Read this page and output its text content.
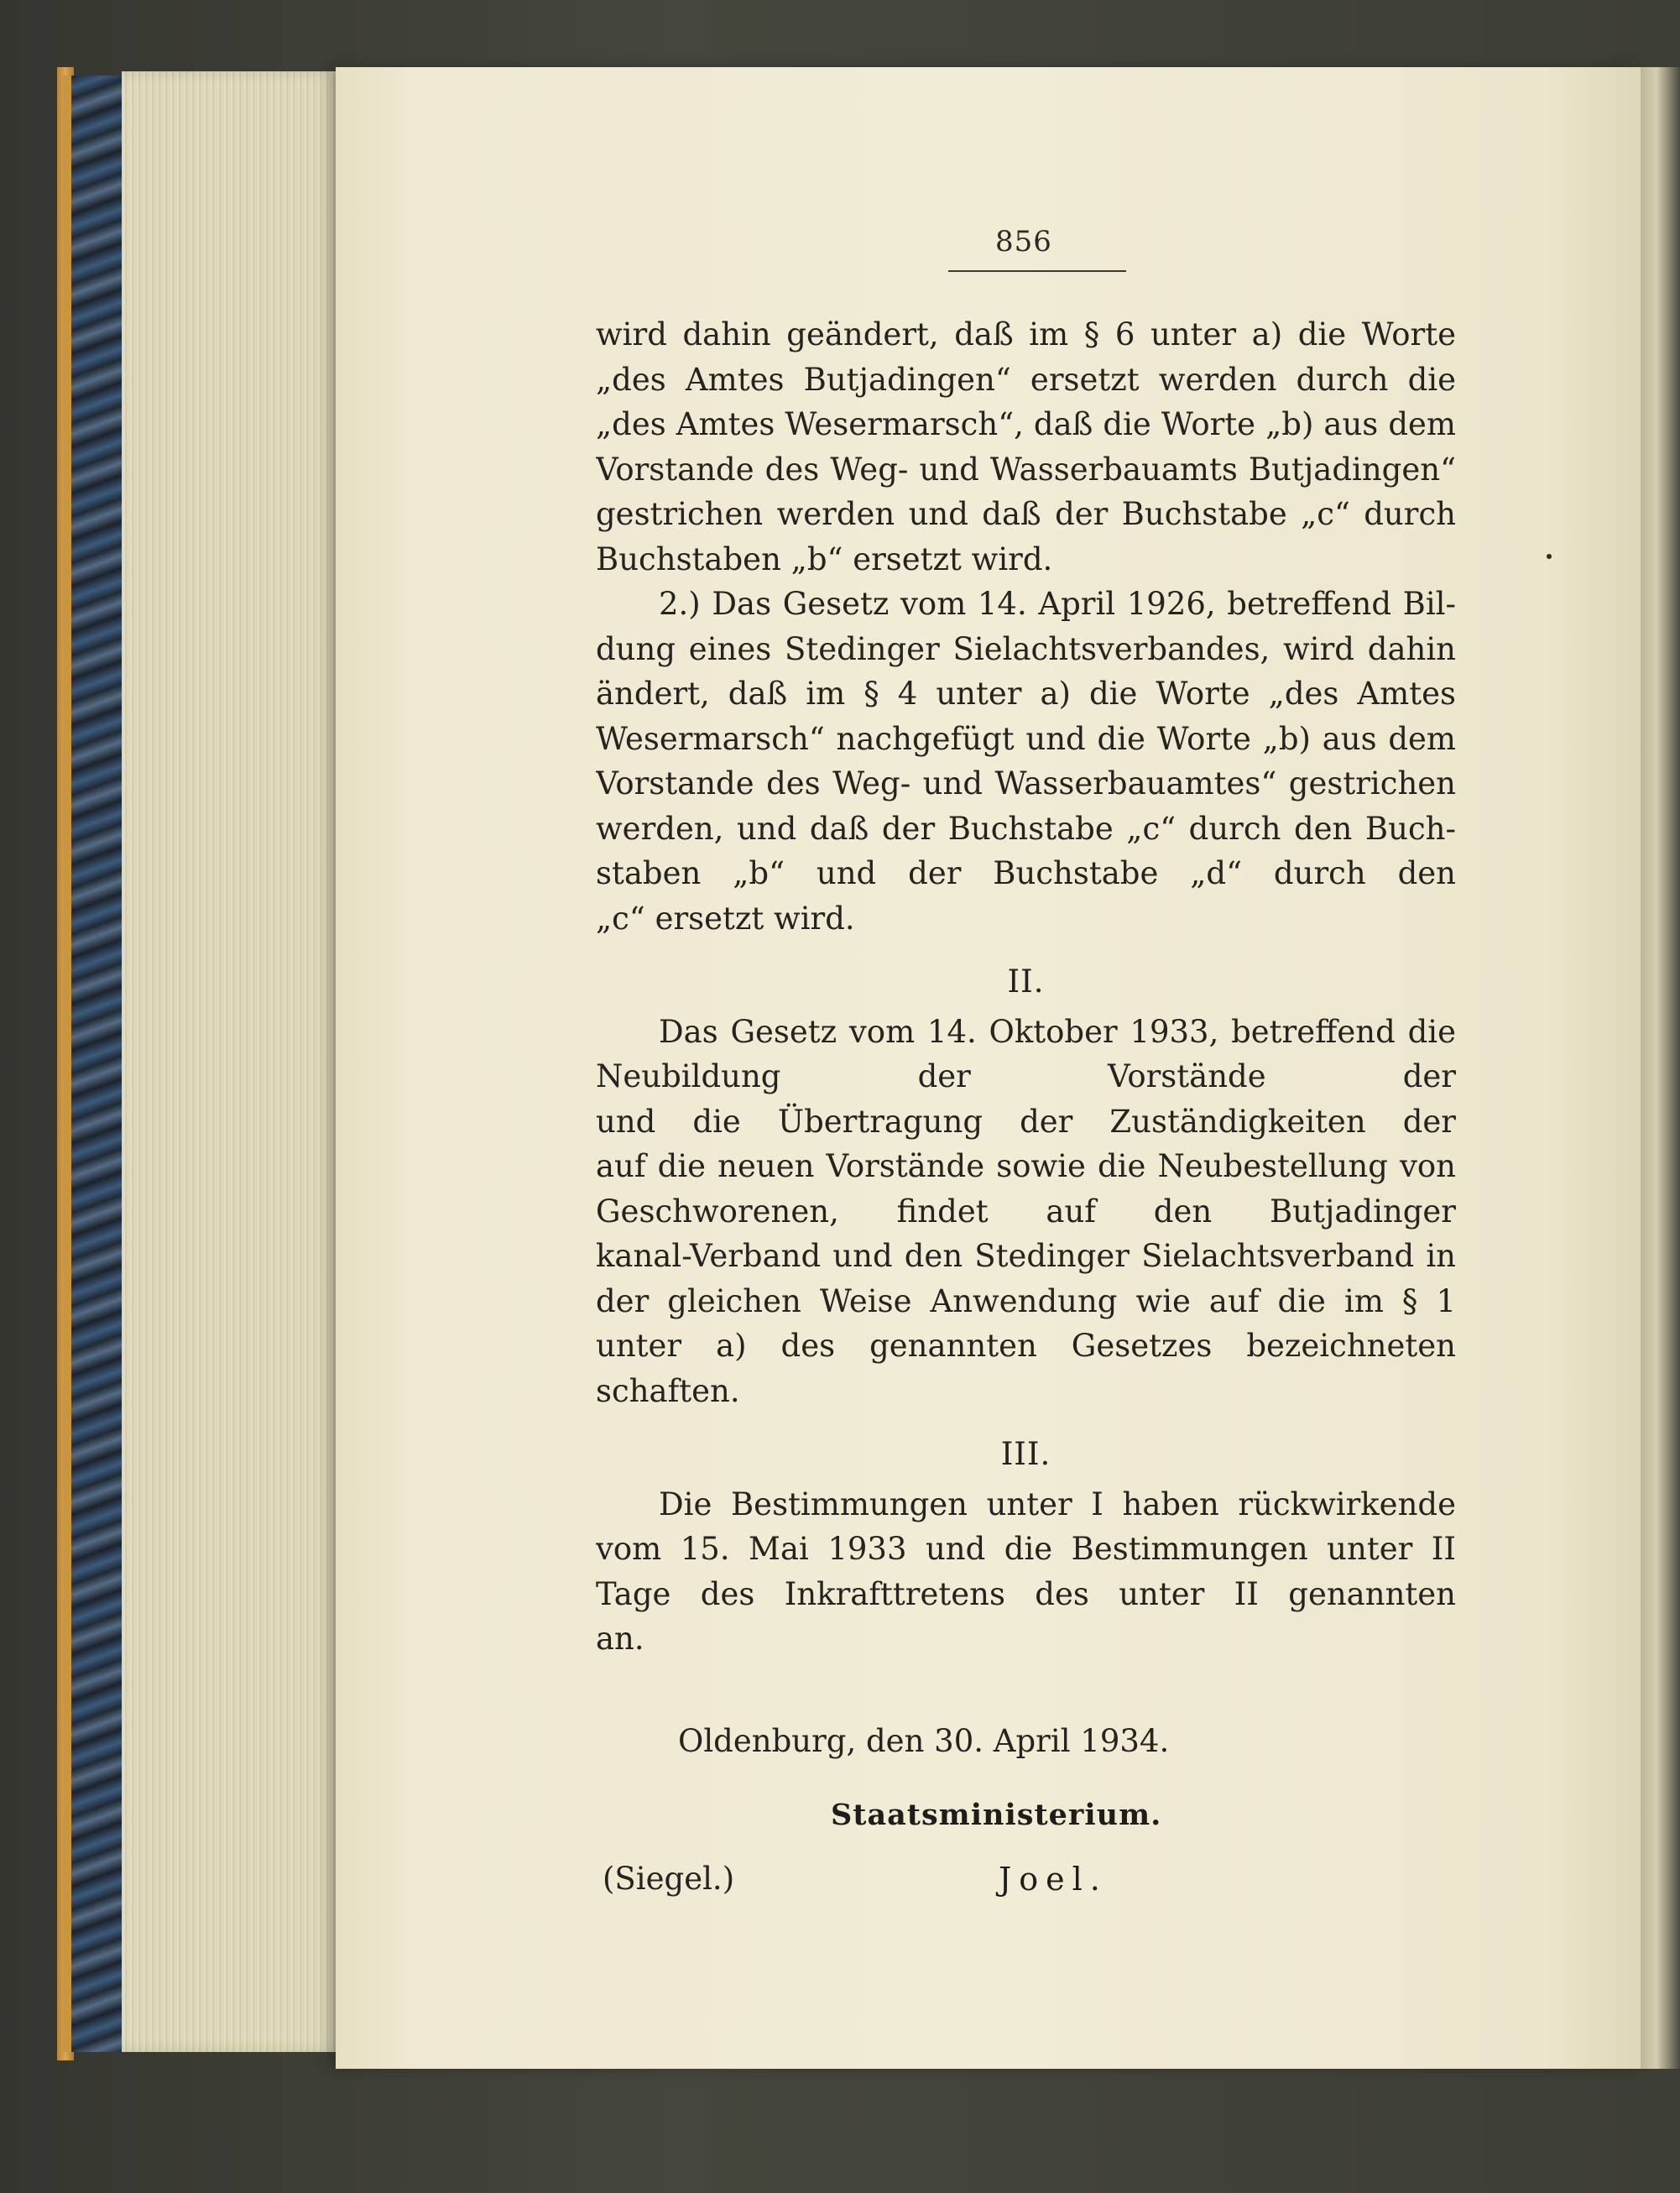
856
wird dahin geändert, daß im § 6 unter a) die Worte
„des Amtes Butjadingen“ ersetzt werden durch die
„des Amtes Wesermarsch“, daß die Worte „b) aus dem
Vorstande des Weg- und Wasserbauamts Butjadingen“
gestrichen werden und daß der Buchstabe „c“ durch
Buchstaben „b“ ersetzt wird.
2.) Das Gesetz vom 14. April 1926, betreffend Bil-
dung eines Stedinger Sielachtsverbandes, wird dahin
ändert, daß im § 4 unter a) die Worte „des Amtes
Wesermarsch“ nachgefügt und die Worte „b) aus dem
Vorstande des Weg- und Wasserbauamtes“ gestrichen
werden, und daß der Buchstabe „c“ durch den Buch-
staben „b“ und der Buchstabe „d“ durch den
„c“ ersetzt wird.
II.
Das Gesetz vom 14. Oktober 1933, betreffend die
Neubildung der Vorstände der
und die Übertragung der Zuständigkeiten der
auf die neuen Vorstände sowie die Neubestellung von
Geschworenen, findet auf den Butjadinger
kanal-Verband und den Stedinger Sielachtsverband in
der gleichen Weise Anwendung wie auf die im § 1
unter a) des genannten Gesetzes bezeichneten
schaften.
III.
Die Bestimmungen unter I haben rückwirkende
vom 15. Mai 1933 und die Bestimmungen unter II
Tage des Inkrafttretens des unter II genannten
an.
Oldenburg, den 30. April 1934.
Staatsministerium.
(Siegel.)	Joel.
